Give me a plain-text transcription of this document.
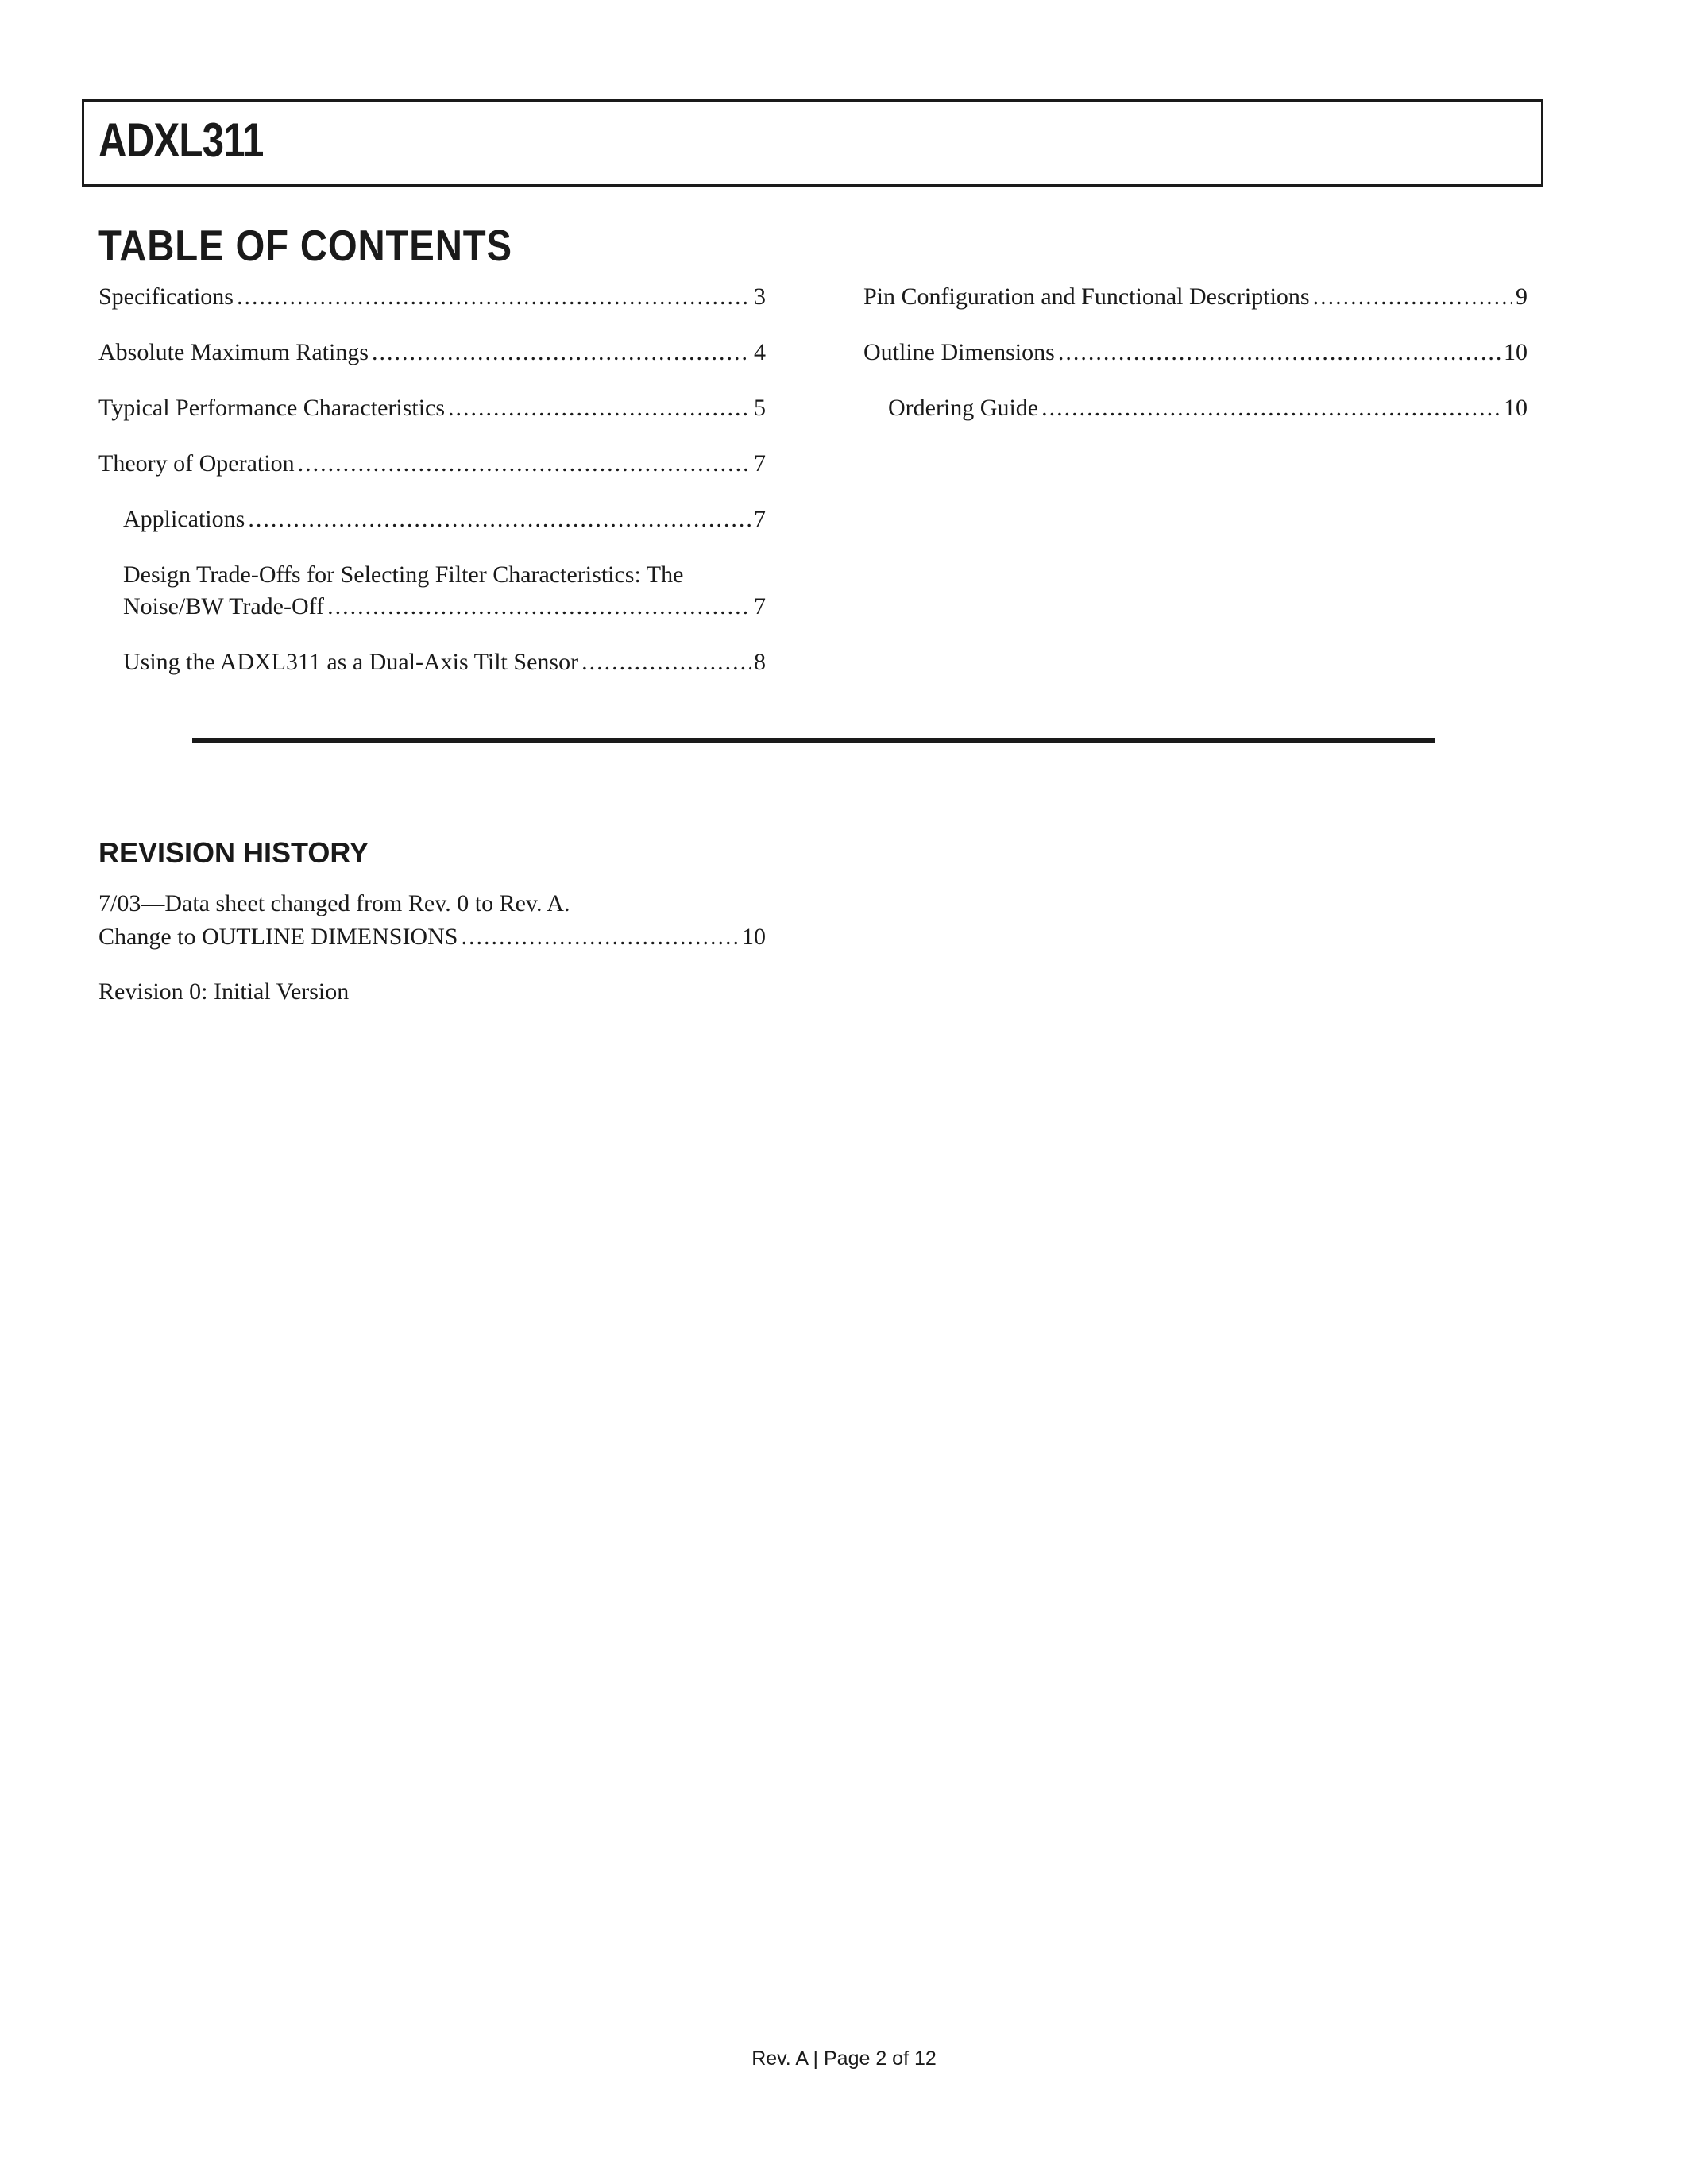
ADXL311
TABLE OF CONTENTS
Specifications .....	3
Absolute Maximum Ratings .....	4
Typical Performance Characteristics .....	5
Theory of Operation .....	7
Applications .....	7
Design Trade-Offs for Selecting Filter Characteristics: The
Noise/BW Trade-Off .....	7
Using the ADXL311 as a Dual-Axis Tilt Sensor .....	8
Pin Configuration and Functional Descriptions .....	9
Outline Dimensions .....	10
Ordering Guide .....	10
REVISION HISTORY
7/03—Data sheet changed from Rev. 0 to Rev. A.
Change to OUTLINE DIMENSIONS .....	10
Revision 0: Initial Version
Rev. A | Page 2 of 12
